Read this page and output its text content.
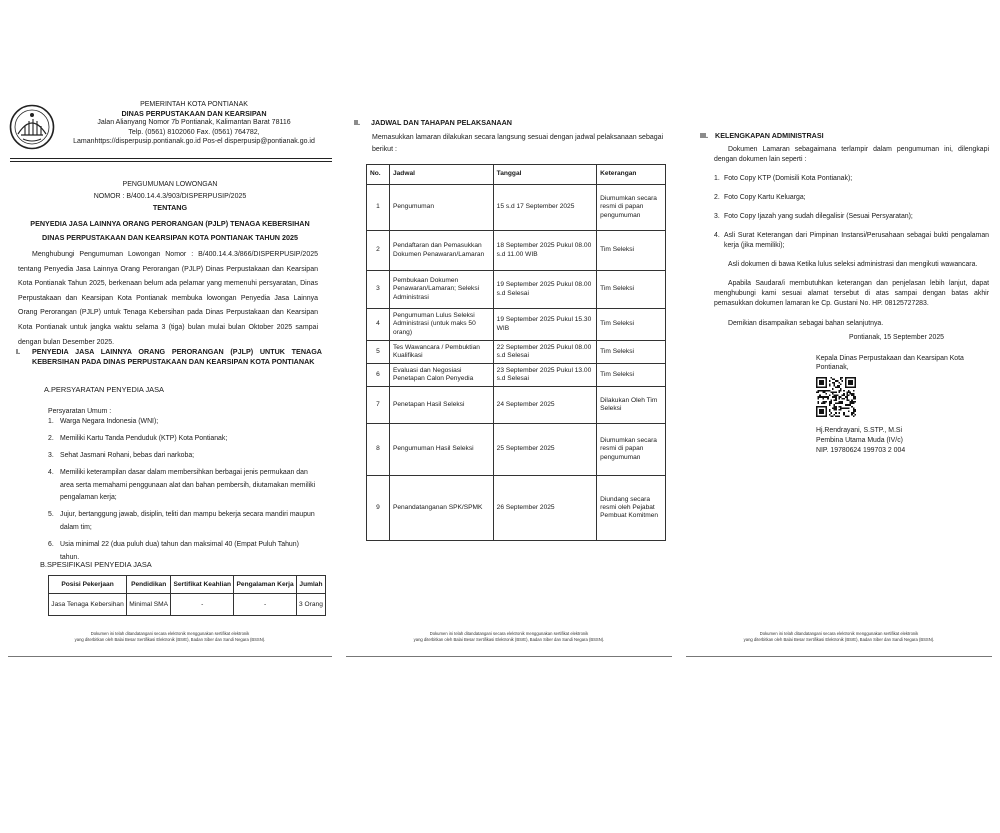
PEMERINTAH KOTA PONTIANAK
DINAS PERPUSTAKAAN DAN KEARSIPAN
Jalan Alianyang Nomor 7b Pontianak, Kalimantan Barat 78116
Telp. (0561) 8102060 Fax. (0561) 764782,
Lamanhttps://disperpusip.pontianak.go.id Pos-el disperpusip@pontianak.go.id
PENGUMUMAN LOWONGAN
NOMOR : B/400.14.4.3/903/DISPERPUSIP/2025
TENTANG
PENYEDIA JASA LAINNYA ORANG PERORANGAN (PJLP) TENAGA KEBERSIHAN
DINAS PERPUSTAKAAN DAN KEARSIPAN KOTA PONTIANAK TAHUN 2025

Menghubungi Pengumuman Lowongan Nomor : B/400.14.4.3/866/DISPERPUSIP/2025 tentang Penyedia Jasa Lainnya Orang Perorangan (PJLP) Dinas Perpustakaan dan Kearsipan Kota Pontianak Tahun 2025, berkenaan belum ada pelamar yang memenuhi persyaratan, Dinas Perpustakaan dan Kearsipan Kota Pontianak membuka lowongan Penyedia Jasa Lainnya Orang Perorangan (PJLP) untuk Tenaga Kebersihan pada Dinas Perpustakaan dan Kearsipan Kota Pontianak untuk jangka waktu selama 3 (tiga) bulan mulai bulan Oktober 2025 sampai dengan bulan Desember 2025.

I.	PENYEDIA JASA LAINNYA ORANG PERORANGAN (PJLP) UNTUK TENAGA KEBERSIHAN PADA DINAS PERPUSTAKAAN DAN KEARSIPAN KOTA PONTIANAK
A.PERSYARATAN PENYEDIA JASA
Persyaratan Umum :
1. Warga Negara Indonesia (WNI);
2. Memiliki Kartu Tanda Penduduk (KTP) Kota Pontianak;
3. Sehat Jasmani Rohani, bebas dari narkoba;
4. Memiliki keterampilan dasar dalam membersihkan berbagai jenis permukaan dan area serta memahami penggunaan alat dan bahan pembersih, diutamakan memiliki pengalaman kerja;
5. Jujur, bertanggung jawab, disiplin, teliti dan mampu bekerja secara mandiri maupun dalam tim;
6. Usia minimal 22 (dua puluh dua) tahun dan maksimal 40 (Empat Puluh Tahun) tahun.
B.SPESIFIKASI PENYEDIA JASA
Posisi Pekerjaan	Pendidikan	Sertifikat Keahlian	Pengalaman Kerja	Jumlah
Jasa Tenaga Kebersihan	Minimal SMA	-	-	3 Orang
Dokumen ini telah ditandatangani secara elektronik menggunakan sertifikat elektronik
yang diterbitkan oleh Balai Besar Sertifikasi Elektronik (BSrE), Badan Siber dan Sandi Negara (BSSN).
II. JADWAL DAN TAHAPAN PELAKSANAAN

Memasukkan lamaran dilakukan secara langsung sesuai dengan jadwal pelaksanaan sebagai berikut :

No.	Jadwal	Tanggal	Keterangan
1	Pengumuman	15 s.d 17 September 2025	Diumumkan secara resmi di papan pengumuman
2	Pendaftaran dan Pemasukkan Dokumen Penawaran/Lamaran	18 September 2025 Pukul 08.00 s.d 11.00 WIB	Tim Seleksi
3	Pembukaan Dokumen Penawaran/Lamaran; Seleksi Administrasi	19 September 2025 Pukul 08.00 s.d Selesai	Tim Seleksi
4	Pengumuman Lulus Seleksi Administrasi (untuk maks 50 orang)	19 September 2025 Pukul 15.30 WIB	Tim Seleksi
5	Tes Wawancara / Pembuktian Kualifikasi	22 September 2025 Pukul 08.00 s.d Selesai	Tim Seleksi
6	Evaluasi dan Negosiasi Penetapan Calon Penyedia	23 September 2025 Pukul 13.00 s.d Selesai	Tim Seleksi
7	Penetapan Hasil Seleksi	24 September 2025	Dilakukan Oleh Tim Seleksi
8	Pengumuman Hasil Seleksi	25 September 2025	Diumumkan secara resmi di papan pengumuman
9	Penandatanganan SPK/SPMK	26 September 2025	Diundang secara resmi oleh Pejabat Pembuat Komitmen
Dokumen ini telah ditandatangani secara elektronik menggunakan sertifikat elektronik
yang diterbitkan oleh Balai Besar Sertifikasi Elektronik (BSrE), Badan Siber dan Sandi Negara (BSSN).
III. KELENGKAPAN ADMINISTRASI

Dokumen Lamaran sebagaimana terlampir dalam pengumuman ini, dilengkapi dengan dokumen lain seperti :

1. Foto Copy KTP (Domisili Kota Pontianak);
2. Foto Copy Kartu Keluarga;
3. Foto Copy Ijazah yang sudah dilegalisir (Sesuai Persyaratan);
4. Asli Surat Keterangan dari Pimpinan Instansi/Perusahaan sebagai bukti pengalaman kerja (jika memiliki);

Asli dokumen di bawa Ketika lulus seleksi administrasi dan mengikuti wawancara.

Apabila Saudara/i membutuhkan keterangan dan penjelasan lebih lanjut, dapat menghubungi kami sesuai alamat tersebut di atas sampai dengan batas akhir pemasukkan dokumen lamaran ke Cp. Gustani No. HP. 08125727283.

Demikian disampaikan sebagai bahan selanjutnya.

Pontianak, 15 September 2025
Kepala Dinas Perpustakaan dan Kearsipan Kota Pontianak,
Hj.Rendrayani, S.STP., M.Si
Pembina Utama Muda (IV/c)
NIP. 19780624 199703 2 004
Dokumen ini telah ditandatangani secara elektronik menggunakan sertifikat elektronik
yang diterbitkan oleh Balai Besar Sertifikasi Elektronik (BSrE), Badan Siber dan Sandi Negara (BSSN).
